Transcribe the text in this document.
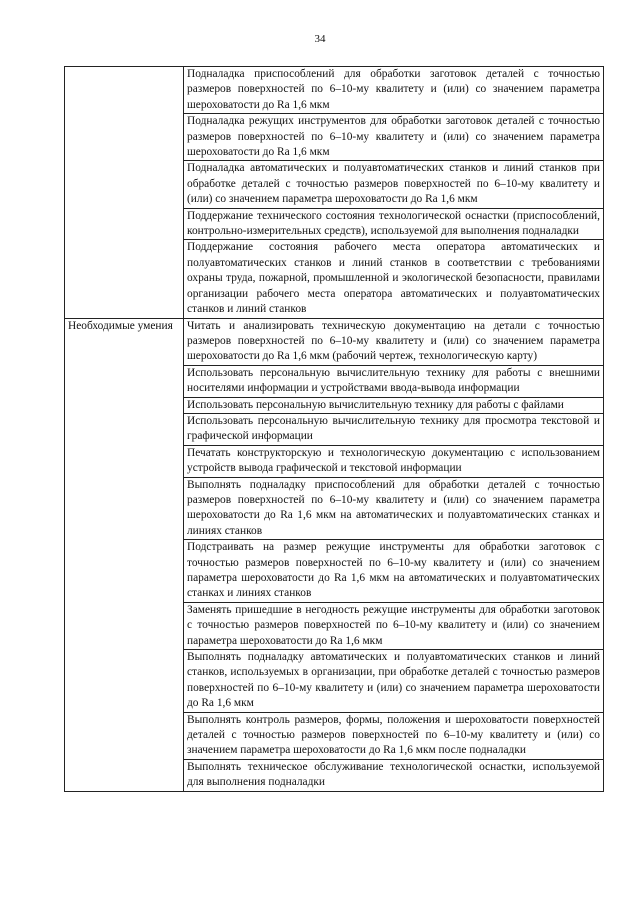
34
	Подналадка приспособлений для обработки заготовок деталей с точностью размеров поверхностей по 6–10-му квалитету и (или) со значением параметра шероховатости до Ra 1,6 мкм
	Подналадка режущих инструментов для обработки заготовок деталей с точностью размеров поверхностей по 6–10-му квалитету и (или) со значением параметра шероховатости до Ra 1,6 мкм
	Подналадка автоматических и полуавтоматических станков и линий станков при обработке деталей с точностью размеров поверхностей по 6–10-му квалитету и (или) со значением параметра шероховатости до Ra 1,6 мкм
	Поддержание технического состояния технологической оснастки (приспособлений, контрольно-измерительных средств), используемой для выполнения подналадки
	Поддержание состояния рабочего места оператора автоматических и полуавтоматических станков и линий станков в соответствии с требованиями охраны труда, пожарной, промышленной и экологической безопасности, правилами организации рабочего места оператора автоматических и полуавтоматических станков и линий станков
Необходимые умения	Читать и анализировать техническую документацию на детали с точностью размеров поверхностей по 6–10-му квалитету и (или) со значением параметра шероховатости до Ra 1,6 мкм (рабочий чертеж, технологическую карту)
	Использовать персональную вычислительную технику для работы с внешними носителями информации и устройствами ввода-вывода информации
	Использовать персональную вычислительную технику для работы с файлами
	Использовать персональную вычислительную технику для просмотра текстовой и графической информации
	Печатать конструкторскую и технологическую документацию с использованием устройств вывода графической и текстовой информации
	Выполнять подналадку приспособлений для обработки деталей с точностью размеров поверхностей по 6–10-му квалитету и (или) со значением параметра шероховатости до Ra 1,6 мкм на автоматических и полуавтоматических станках и линиях станков
	Подстраивать на размер режущие инструменты для обработки заготовок с точностью размеров поверхностей по 6–10-му квалитету и (или) со значением параметра шероховатости до Ra 1,6 мкм на автоматических и полуавтоматических станках и линиях станков
	Заменять пришедшие в негодность режущие инструменты для обработки заготовок с точностью размеров поверхностей по 6–10-му квалитету и (или) со значением параметра шероховатости до Ra 1,6 мкм
	Выполнять подналадку автоматических и полуавтоматических станков и линий станков, используемых в организации, при обработке деталей с точностью размеров поверхностей по 6–10-му квалитету и (или) со значением параметра шероховатости до Ra 1,6 мкм
	Выполнять контроль размеров, формы, положения и шероховатости поверхностей деталей с точностью размеров поверхностей по 6–10-му квалитету и (или) со значением параметра шероховатости до Ra 1,6 мкм после подналадки
	Выполнять техническое обслуживание технологической оснастки, используемой для выполнения подналадки
